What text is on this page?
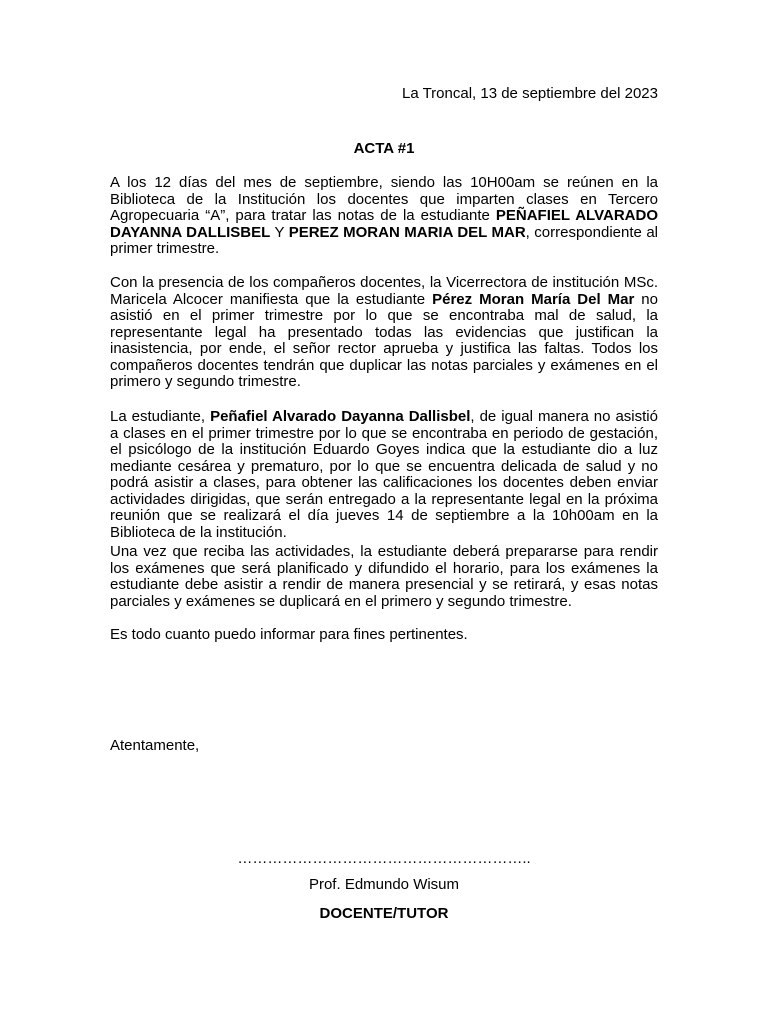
La Troncal, 13 de septiembre del 2023
ACTA #1

A los 12 días del mes de septiembre, siendo las 10H00am se reúnen en la Biblioteca de la Institución los docentes que imparten clases en Tercero Agropecuaria “A”, para tratar las notas de la estudiante PEÑAFIEL ALVARADO DAYANNA DALLISBEL Y PEREZ MORAN MARIA DEL MAR, correspondiente al primer trimestre.

Con la presencia de los compañeros docentes, la Vicerrectora de institución MSc. Maricela Alcocer manifiesta que la estudiante Pérez Moran María Del Mar no asistió en el primer trimestre por lo que se encontraba mal de salud, la representante legal ha presentado todas las evidencias que justifican la inasistencia, por ende, el señor rector aprueba y justifica las faltas. Todos los compañeros docentes tendrán que duplicar las notas parciales y exámenes en el primero y segundo trimestre.

La estudiante, Peñafiel Alvarado Dayanna Dallisbel, de igual manera no asistió a clases en el primer trimestre por lo que se encontraba en periodo de gestación, el psicólogo de la institución Eduardo Goyes indica que la estudiante dio a luz mediante cesárea y prematuro, por lo que se encuentra delicada de salud y no podrá asistir a clases, para obtener las calificaciones los docentes deben enviar actividades dirigidas, que serán entregado a la representante legal en la próxima reunión que se realizará el día jueves 14 de septiembre a la 10h00am en la Biblioteca de la institución.

Una vez que reciba las actividades, la estudiante deberá prepararse para rendir los exámenes que será planificado y difundido el horario, para los exámenes la estudiante debe asistir a rendir de manera presencial y se retirará, y esas notas parciales y exámenes se duplicará en el primero y segundo trimestre.

Es todo cuanto puedo informar para fines pertinentes.

Atentamente,
…………………………………………………..
Prof. Edmundo Wisum
DOCENTE/TUTOR
